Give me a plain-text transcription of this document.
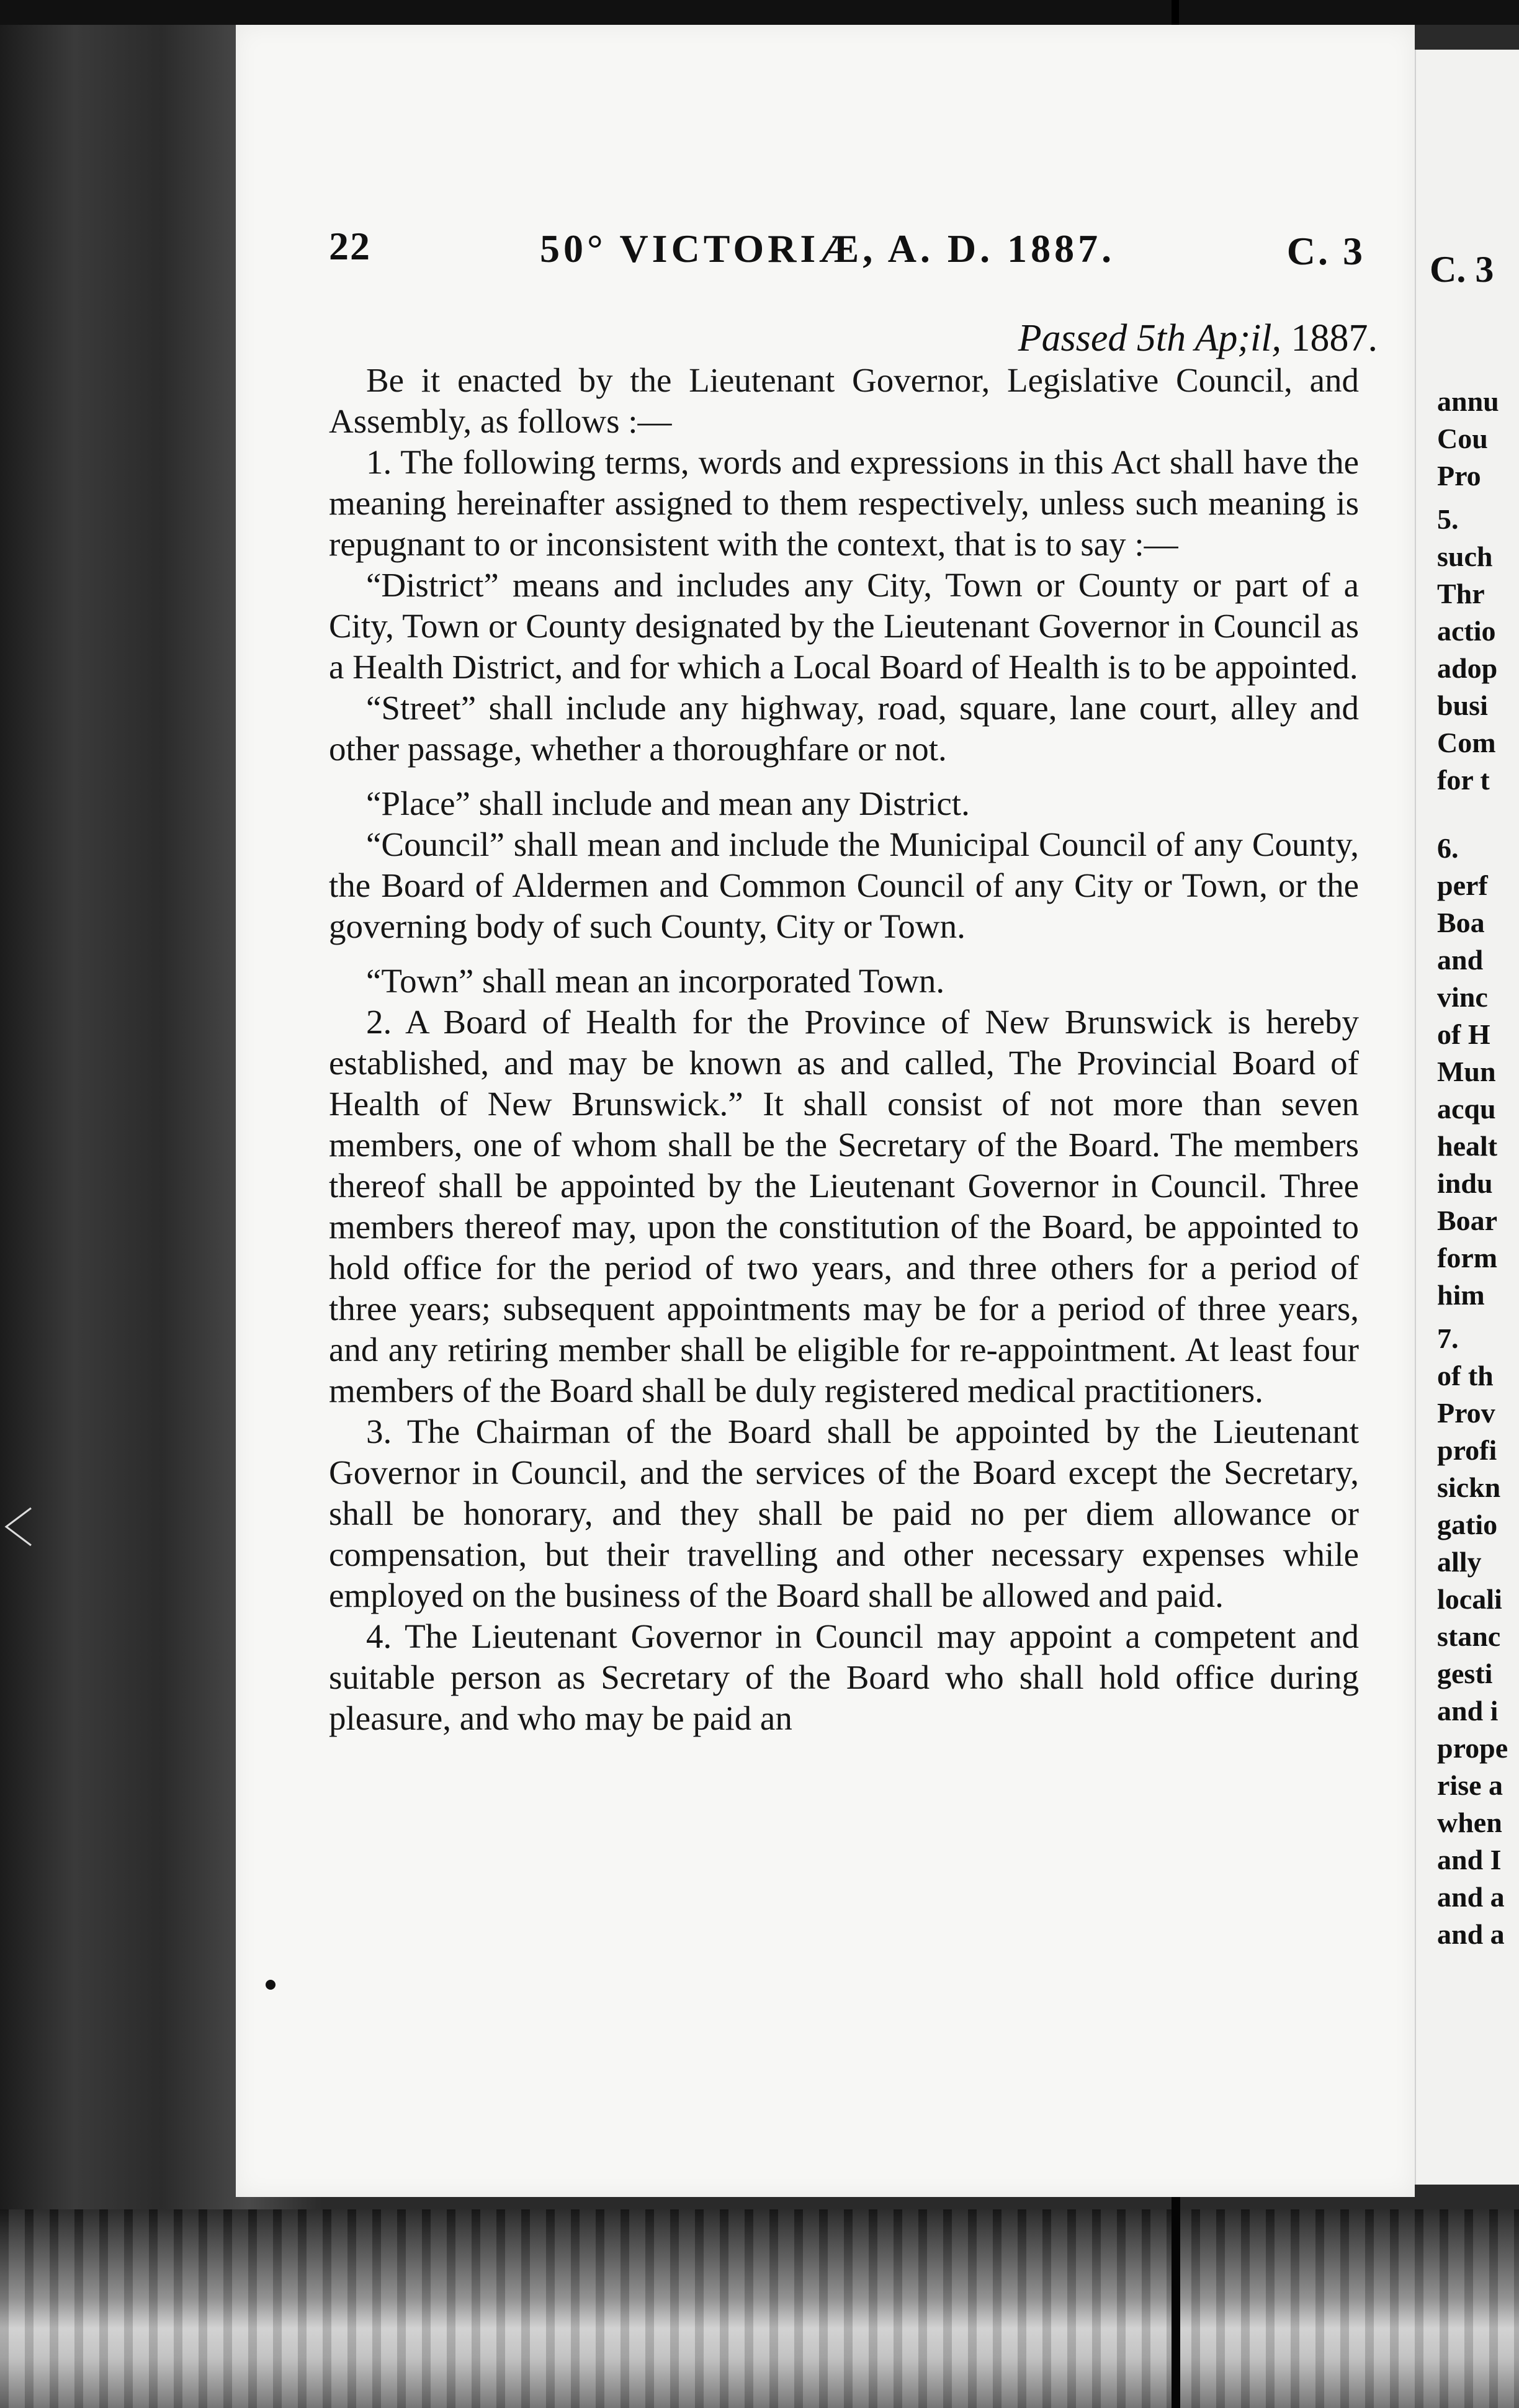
22	50° VICTORIÆ, A. D. 1887.	C. 3
Passed 5th Ap;il, 1887.

Be it enacted by the Lieutenant Governor, Legislative Council, and Assembly, as follows :—

1. The following terms, words and expressions in this Act shall have the meaning hereinafter assigned to them respectively, unless such meaning is repugnant to or inconsistent with the context, that is to say :—

“District” means and includes any City, Town or County or part of a City, Town or County designated by the Lieutenant Governor in Council as a Health District, and for which a Local Board of Health is to be appointed.

“Street” shall include any highway, road, square, lane court, alley and other passage, whether a thoroughfare or not.

“Place” shall include and mean any District.

“Council” shall mean and include the Municipal Council of any County, the Board of Aldermen and Common Council of any City or Town, or the governing body of such County, City or Town.

“Town” shall mean an incorporated Town.

2. A Board of Health for the Province of New Brunswick is hereby established, and may be known as and called, The Provincial Board of Health of New Brunswick.” It shall consist of not more than seven members, one of whom shall be the Secretary of the Board. The members thereof shall be appointed by the Lieutenant Governor in Council. Three members thereof may, upon the constitution of the Board, be appointed to hold office for the period of two years, and three others for a period of three years; subsequent appointments may be for a period of three years, and any retiring member shall be eligible for re-appointment. At least four members of the Board shall be duly registered medical practitioners.

3. The Chairman of the Board shall be appointed by the Lieutenant Governor in Council, and the services of the Board except the Secretary, shall be honorary, and they shall be paid no per diem allowance or compensation, but their travelling and other necessary expenses while employed on the business of the Board shall be allowed and paid.

4. The Lieutenant Governor in Council may appoint a competent and suitable person as Secretary of the Board who shall hold office during pleasure, and who may be paid an

C. 3
annu
Cou
Pro
5.
such
Thr
actio
adop
busi
Com
for t
6.
perf
Boa
and
vinc
of H
Mun
acqu
healt
indu
Boar
form
him
7.
of th
Prov
profi
sickn
gatio
ally
locali
stanc
gesti
and i
prope
rise a
when
and I
and a
and a
